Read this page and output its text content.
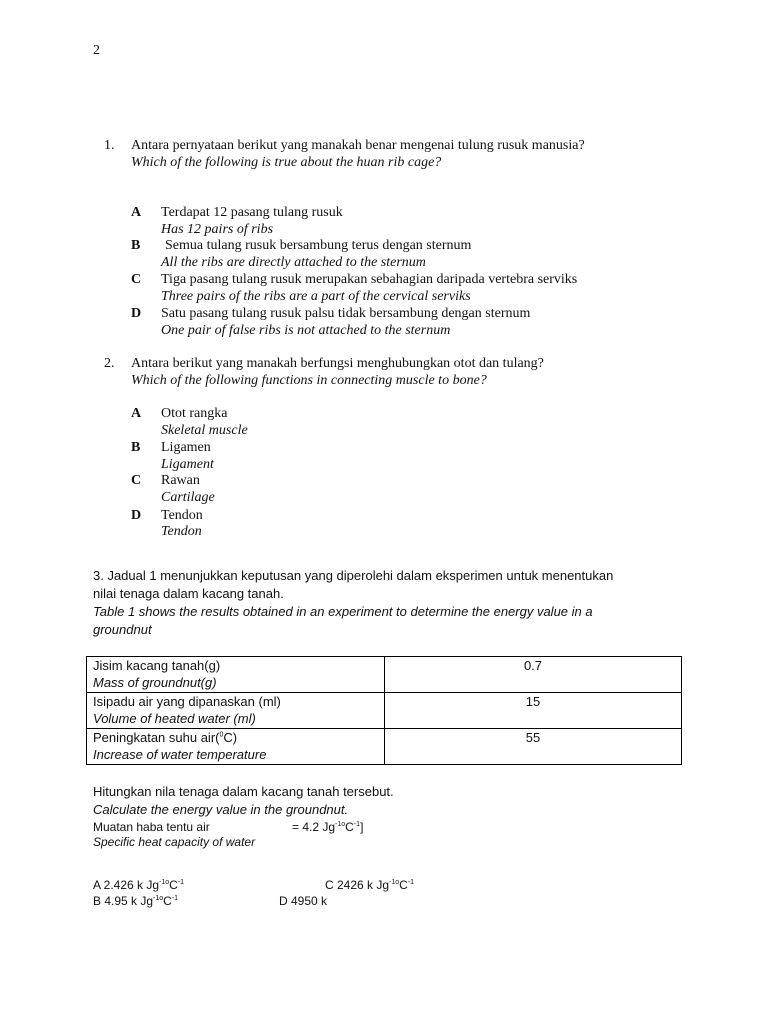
2
1. Antara pernyataan berikut yang manakah benar mengenai tulung rusuk manusia?
Which of the following is true about the huan rib cage?
A Terdapat 12 pasang tulang rusuk
Has 12 pairs of ribs
B Semua tulang rusuk bersambung terus dengan sternum
All the ribs are directly attached to the sternum
C Tiga pasang tulang rusuk merupakan sebahagian daripada vertebra serviks
Three pairs of the ribs are a part of the cervical serviks
D Satu pasang tulang rusuk palsu tidak bersambung dengan sternum
One pair of false ribs is not attached to the sternum
2. Antara berikut yang manakah berfungsi menghubungkan otot dan tulang?
Which of the following functions in connecting muscle to bone?
A Otot rangka
Skeletal muscle
B Ligamen
Ligament
C Rawan
Cartilage
D Tendon
Tendon
3. Jadual 1 menunjukkan keputusan yang diperolehi dalam eksperimen untuk menentukan
nilai tenaga dalam kacang tanah.
Table 1 shows the results obtained in an experiment to determine the energy value in a
groundnut
Jisim kacang tanah(g)
Mass of groundnut(g)	0.7

Isipadu air yang dipanaskan (ml)
Volume of heated water (ml)	15

Peningkatan suhu air($^0$C)
Increase of water temperature	55
Hitungkan nila tenaga dalam kacang tanah tersebut.
Calculate the energy value in the groundnut.
Muatan haba tentu air	= 4.2 $Jg^{-1o}C^{-1}$]
Specific heat capacity of water
A 2.426 k $Jg^{-1o}C^{-1}$	C 2426 k $Jg^{-1o}C^{-1}$
B 4.95 k $Jg^{-1o}C^{-1}$	D 4950 k
